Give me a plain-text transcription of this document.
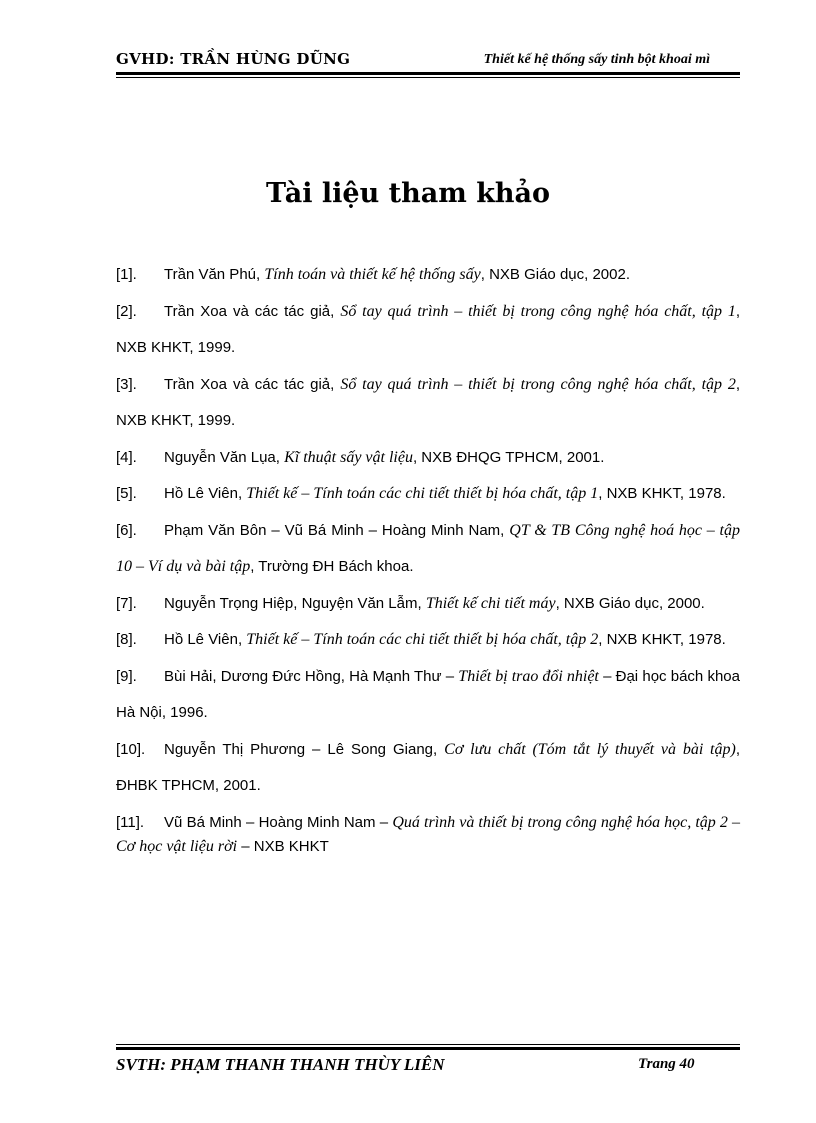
GVHD: TRẦN HÙNG DŨNG	Thiết kế hệ thống sấy tinh bột khoai mì
Tài liệu tham khảo
[1]. Trần Văn Phú, Tính toán và thiết kế hệ thống sấy, NXB Giáo dục, 2002.
[2]. Trần Xoa và các tác giả, Sổ tay quá trình – thiết bị trong công nghệ hóa chất, tập 1, NXB KHKT, 1999.
[3]. Trần Xoa và các tác giả, Sổ tay quá trình – thiết bị trong công nghệ hóa chất, tập 2, NXB KHKT, 1999.
[4]. Nguyễn Văn Lụa, Kĩ thuật sấy vật liệu, NXB ĐHQG TPHCM, 2001.
[5]. Hồ Lê Viên, Thiết kế – Tính toán các chi tiết thiết bị hóa chất, tập 1, NXB KHKT, 1978.
[6]. Phạm Văn Bôn – Vũ Bá Minh – Hoàng Minh Nam, QT & TB Công nghệ hoá học – tập 10 – Ví dụ và bài tập, Trường ĐH Bách khoa.
[7]. Nguyễn Trọng Hiệp, Nguyện Văn Lẫm, Thiết kế chi tiết máy, NXB Giáo dục, 2000.
[8]. Hồ Lê Viên, Thiết kế – Tính toán các chi tiết thiết bị hóa chất, tập 2, NXB KHKT, 1978.
[9]. Bùi Hải, Dương Đức Hồng, Hà Mạnh Thư – Thiết bị trao đổi nhiệt – Đại học bách khoa Hà Nội, 1996.
[10]. Nguyễn Thị Phương – Lê Song Giang, Cơ lưu chất (Tóm tắt lý thuyết và bài tập), ĐHBK TPHCM, 2001.
[11]. Vũ Bá Minh – Hoàng Minh Nam – Quá trình và thiết bị trong công nghệ hóa học, tập 2 – Cơ học vật liệu rời – NXB KHKT
SVTH: PHẠM THANH THANH THÙY LIÊN	Trang 40
